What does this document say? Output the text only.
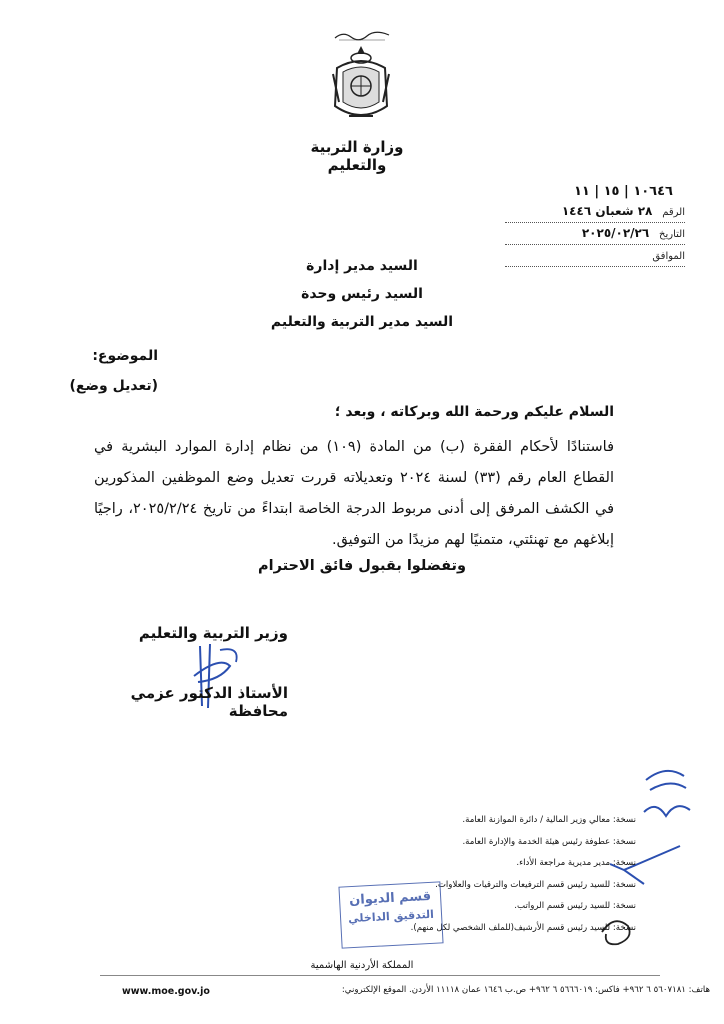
وزارة التربية والتعليم
١٠٦٤٦ | ١٥ | ١١
الرقم ٢٨ شعبان ١٤٤٦
التاريخ ٢٠٢٥/٠٢/٢٦
الموافق
السيد مدير إدارة
السيد رئيس وحدة
السيد مدير التربية والتعليم
الموضوع:
(تعديل وضع)
السلام عليكم ورحمة الله وبركاته ، وبعد ؛
فاستنادًا لأحكام الفقرة (ب) من المادة (١٠٩) من نظام إدارة الموارد البشرية في القطاع العام رقم (٣٣) لسنة ٢٠٢٤ وتعديلاته قررت تعديل وضع الموظفين المذكورين في الكشف المرفق إلى أدنى مربوط الدرجة الخاصة ابتداءً من تاريخ ٢٠٢٥/٢/٢٤، راجيًا إبلاغهم مع تهنئتي، متمنيًا لهم مزيدًا من التوفيق.
وتفضلوا بقبول فائق الاحترام
وزير التربية والتعليم
الأستاذ الدكتور عزمي محافظة
نسخة: معالي وزير المالية / دائرة الموازنة العامة.
نسخة: عطوفة رئيس هيئة الخدمة والإدارة العامة.
نسخة: مدير مديرية مراجعة الأداء.
نسخة: للسيد رئيس قسم الترفيعات والترقيات والعلاوات.
نسخة: للسيد رئيس قسم الرواتب.
نسخة: للسيد رئيس قسم الأرشيف(للملف الشخصي لكل منهم).
قسم الديوان
التدقيق الداخلي
المملكة الأردنية الهاشمية
هاتف: ٥٦٠٧١٨١ ٦ ٩٦٢+ فاكس: ٥٦٦٦٠١٩ ٦ ٩٦٢+ ص.ب ١٦٤٦ عمان ١١١١٨ الأردن. الموقع الإلكتروني:
www.moe.gov.jo
